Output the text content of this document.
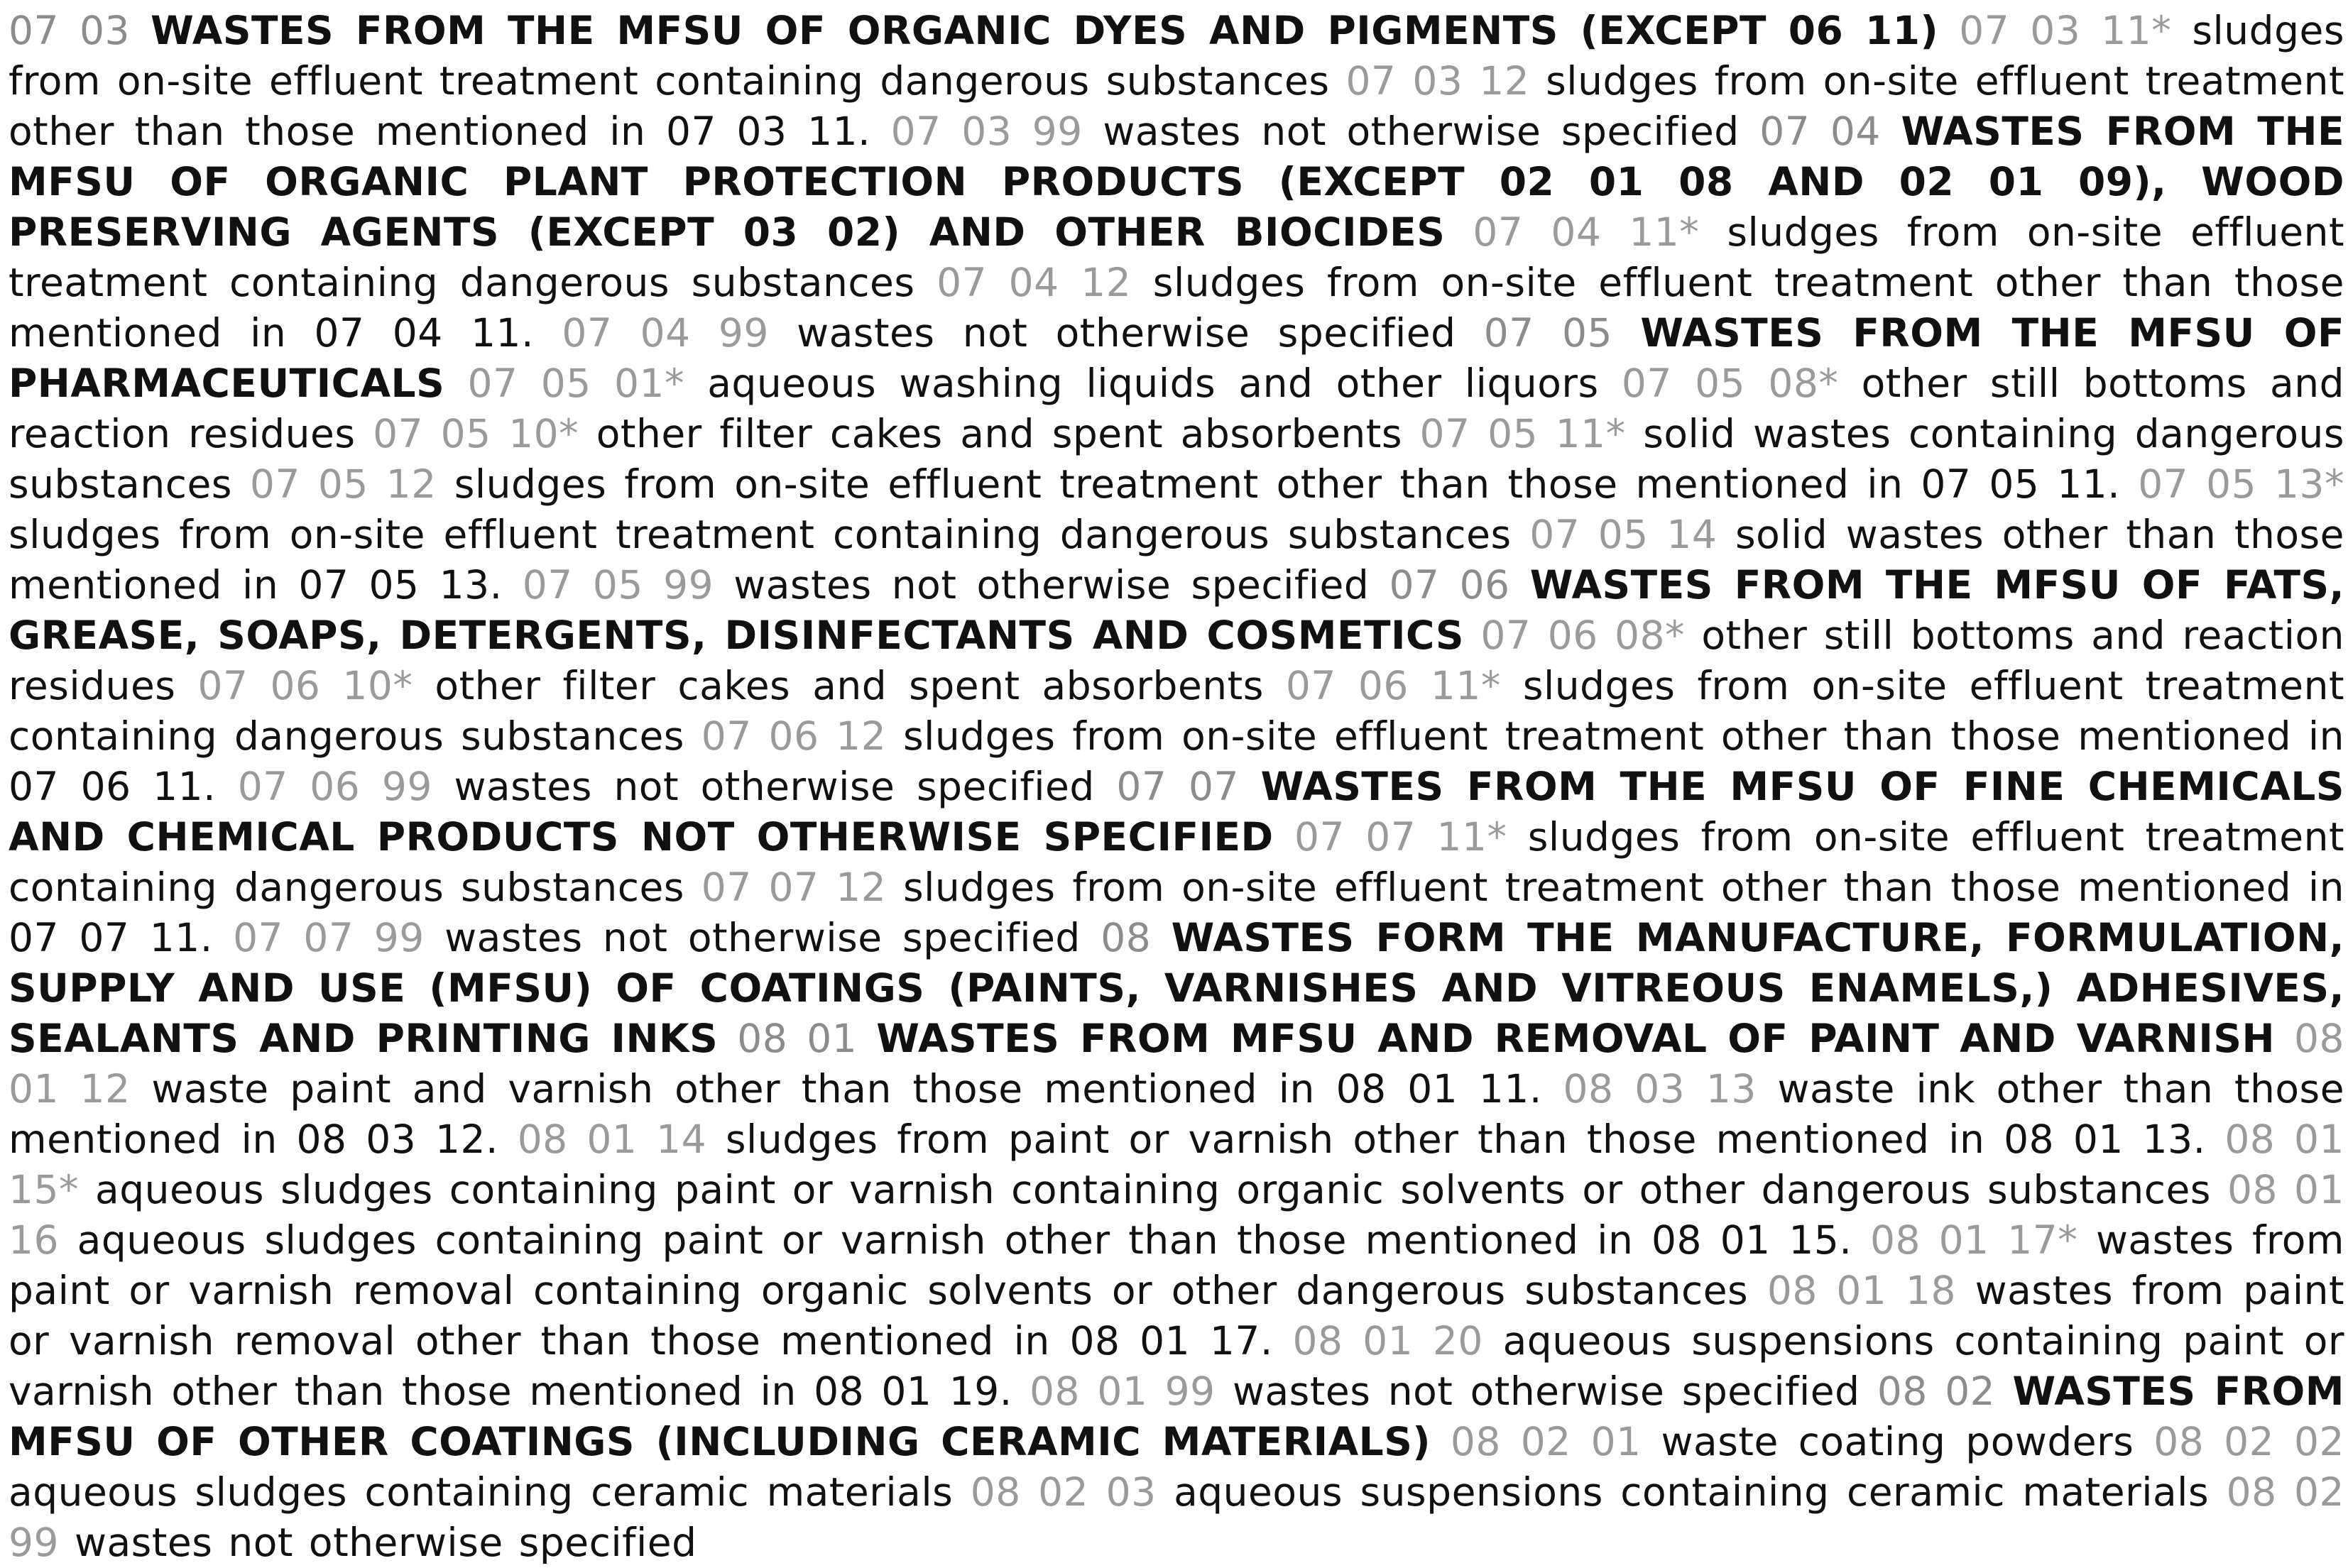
07 03 WASTES FROM THE MFSU OF ORGANIC DYES AND PIGMENTS (EXCEPT 06 11) 07 03 11* sludges from on-site effluent treatment containing dangerous substances 07 03 12 sludges from on-site effluent treatment other than those mentioned in 07 03 11. 07 03 99 wastes not otherwise specified 07 04 WASTES FROM THE MFSU OF ORGANIC PLANT PROTECTION PRODUCTS (EXCEPT 02 01 08 AND 02 01 09), WOOD PRESERVING AGENTS (EXCEPT 03 02) AND OTHER BIOCIDES 07 04 11* sludges from on-site effluent treatment containing dangerous substances 07 04 12 sludges from on-site effluent treatment other than those mentioned in 07 04 11. 07 04 99 wastes not otherwise specified 07 05 WASTES FROM THE MFSU OF PHARMACEUTICALS 07 05 01* aqueous washing liquids and other liquors 07 05 08* other still bottoms and reaction residues 07 05 10* other filter cakes and spent absorbents 07 05 11* solid wastes containing dangerous substances 07 05 12 sludges from on-site effluent treatment other than those mentioned in 07 05 11. 07 05 13* sludges from on-site effluent treatment containing dangerous substances 07 05 14 solid wastes other than those mentioned in 07 05 13. 07 05 99 wastes not otherwise specified 07 06 WASTES FROM THE MFSU OF FATS, GREASE, SOAPS, DETERGENTS, DISINFECTANTS AND COSMETICS 07 06 08* other still bottoms and reaction residues 07 06 10* other filter cakes and spent absorbents 07 06 11* sludges from on-site effluent treatment containing dangerous substances 07 06 12 sludges from on-site effluent treatment other than those mentioned in 07 06 11. 07 06 99 wastes not otherwise specified 07 07 WASTES FROM THE MFSU OF FINE CHEMICALS AND CHEMICAL PRODUCTS NOT OTHERWISE SPECIFIED 07 07 11* sludges from on-site effluent treatment containing dangerous substances 07 07 12 sludges from on-site effluent treatment other than those mentioned in 07 07 11. 07 07 99 wastes not otherwise specified 08 WASTES FORM THE MANUFACTURE, FORMULATION, SUPPLY AND USE (MFSU) OF COATINGS (PAINTS, VARNISHES AND VITREOUS ENAMELS,) ADHESIVES, SEALANTS AND PRINTING INKS 08 01 WASTES FROM MFSU AND REMOVAL OF PAINT AND VARNISH 08 01 12 waste paint and varnish other than those mentioned in 08 01 11. 08 03 13 waste ink other than those mentioned in 08 03 12. 08 01 14 sludges from paint or varnish other than those mentioned in 08 01 13. 08 01 15* aqueous sludges containing paint or varnish containing organic solvents or other dangerous substances 08 01 16 aqueous sludges containing paint or varnish other than those mentioned in 08 01 15. 08 01 17* wastes from paint or varnish removal containing organic solvents or other dangerous substances 08 01 18 wastes from paint or varnish removal other than those mentioned in 08 01 17. 08 01 20 aqueous suspensions containing paint or varnish other than those mentioned in 08 01 19. 08 01 99 wastes not otherwise specified 08 02 WASTES FROM MFSU OF OTHER COATINGS (INCLUDING CERAMIC MATERIALS) 08 02 01 waste coating powders 08 02 02 aqueous sludges containing ceramic materials 08 02 03 aqueous suspensions containing ceramic materials 08 02 99 wastes not otherwise specified
